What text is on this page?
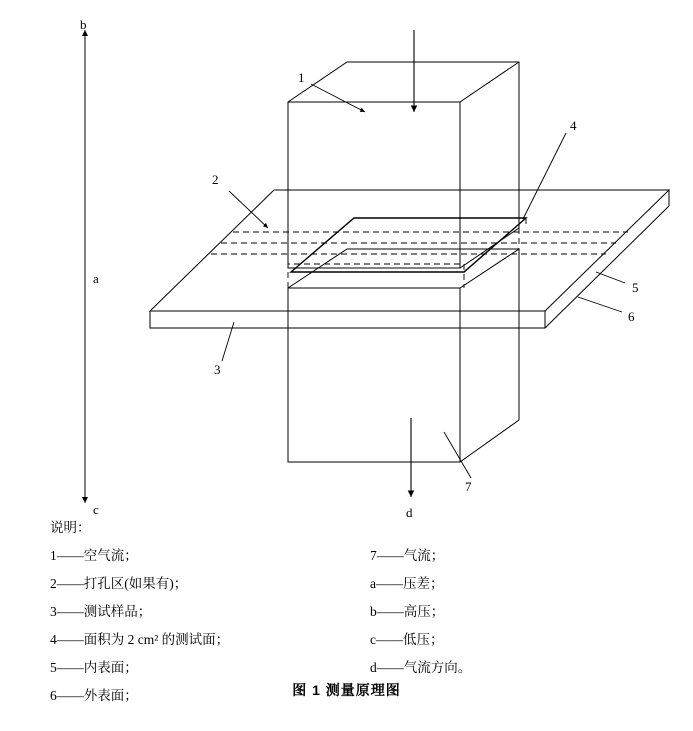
1
2
3
4
5
6
7
a
b
c	d
说明：
1——空气流；
2——打孔区(如果有)；
3——测试样品；
4——面积为 2 cm² 的测试面；
5——内表面；
6——外表面；
7——气流；
a——压差；
b——高压；
c——低压；
d——气流方向。
图 1 测量原理图
